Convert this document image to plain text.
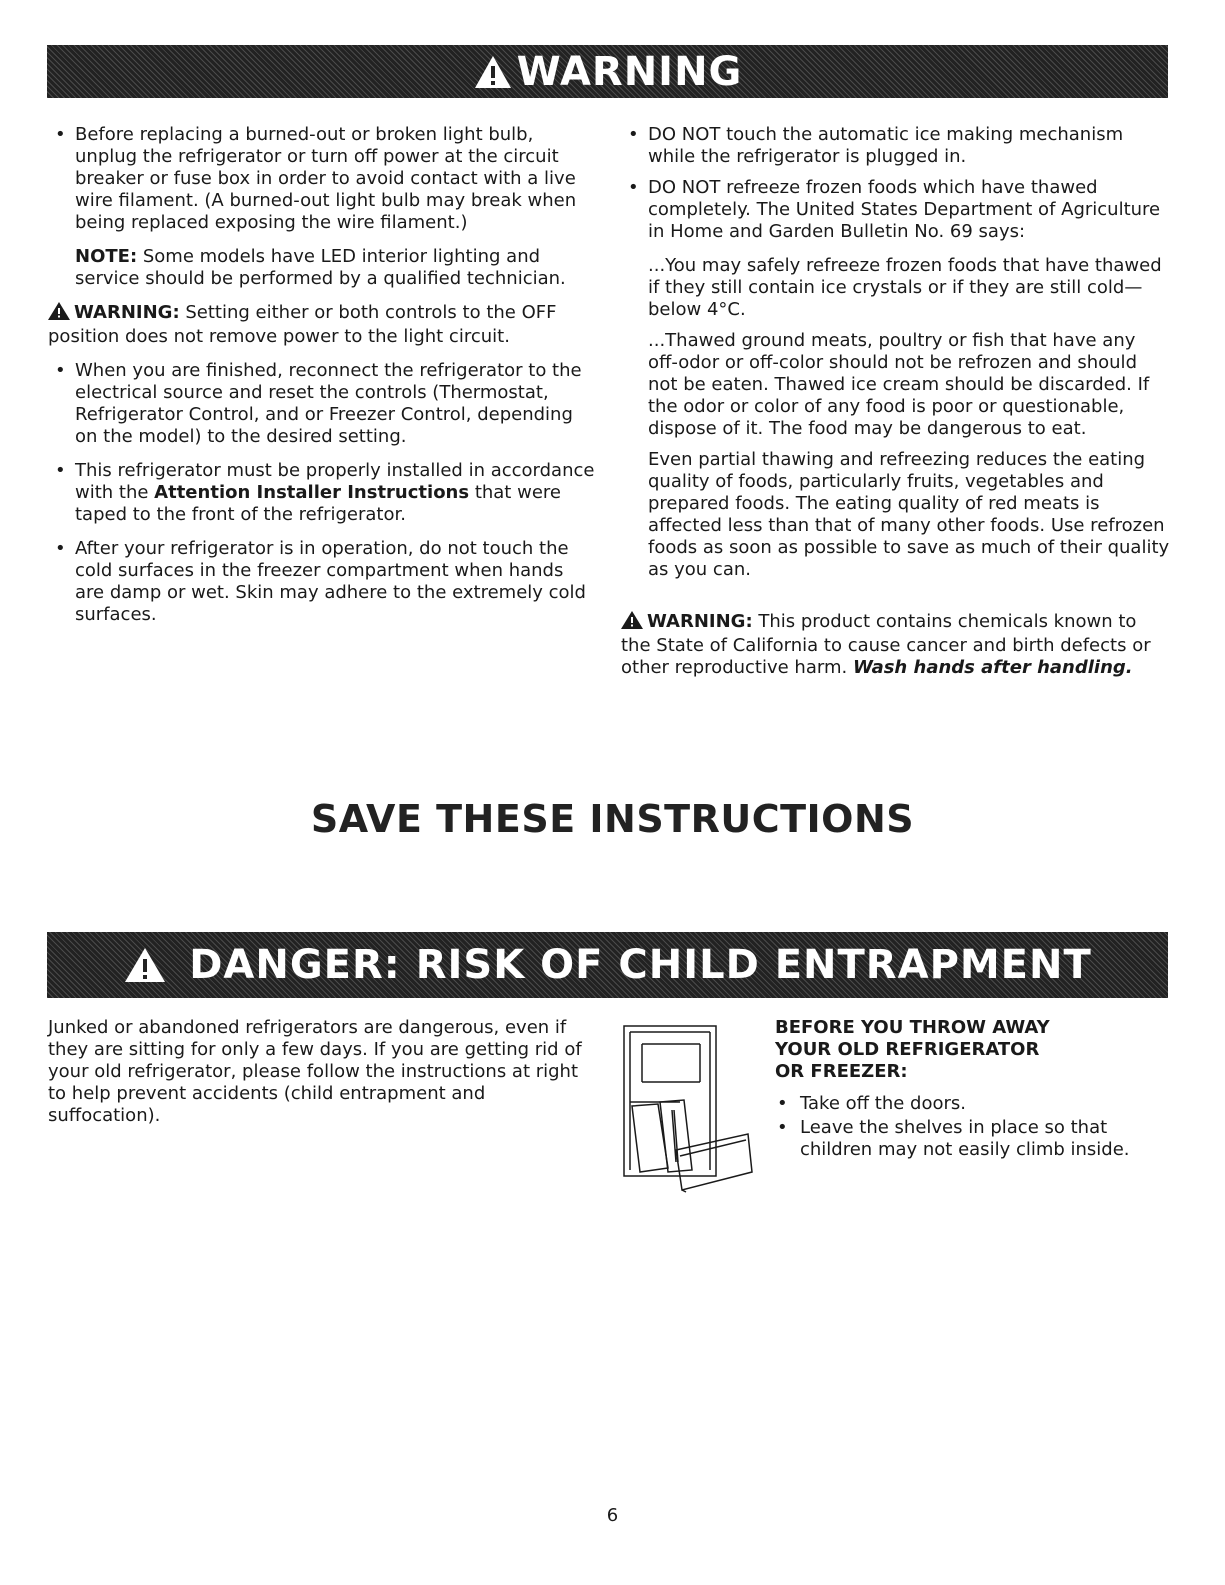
WARNING
• Before replacing a burned-out or broken light bulb, unplug the refrigerator or turn off power at the circuit breaker or fuse box in order to avoid contact with a live wire filament. (A burned-out light bulb may break when being replaced exposing the wire filament.)
NOTE: Some models have LED interior lighting and service should be performed by a qualified technician.
WARNING: Setting either or both controls to the OFF position does not remove power to the light circuit.
• When you are finished, reconnect the refrigerator to the electrical source and reset the controls (Thermostat, Refrigerator Control, and or Freezer Control, depending on the model) to the desired setting.
• This refrigerator must be properly installed in accordance with the Attention Installer Instructions that were taped to the front of the refrigerator.
• After your refrigerator is in operation, do not touch the cold surfaces in the freezer compartment when hands are damp or wet. Skin may adhere to the extremely cold surfaces.
• DO NOT touch the automatic ice making mechanism while the refrigerator is plugged in.
• DO NOT refreeze frozen foods which have thawed completely. The United States Department of Agriculture in Home and Garden Bulletin No. 69 says:
...You may safely refreeze frozen foods that have thawed if they still contain ice crystals or if they are still cold—below 4°C.
...Thawed ground meats, poultry or fish that have any off-odor or off-color should not be refrozen and should not be eaten. Thawed ice cream should be discarded. If the odor or color of any food is poor or questionable, dispose of it. The food may be dangerous to eat.
Even partial thawing and refreezing reduces the eating quality of foods, particularly fruits, vegetables and prepared foods. The eating quality of red meats is affected less than that of many other foods. Use refrozen foods as soon as possible to save as much of their quality as you can.
WARNING: This product contains chemicals known to the State of California to cause cancer and birth defects or other reproductive harm. Wash hands after handling.
SAVE THESE INSTRUCTIONS
DANGER: RISK OF CHILD ENTRAPMENT
Junked or abandoned refrigerators are dangerous, even if they are sitting for only a few days. If you are getting rid of your old refrigerator, please follow the instructions at right to help prevent accidents (child entrapment and suffocation).
BEFORE YOU THROW AWAY
YOUR OLD REFRIGERATOR
OR FREEZER:
• Take off the doors.
• Leave the shelves in place so that children may not easily climb inside.
6
